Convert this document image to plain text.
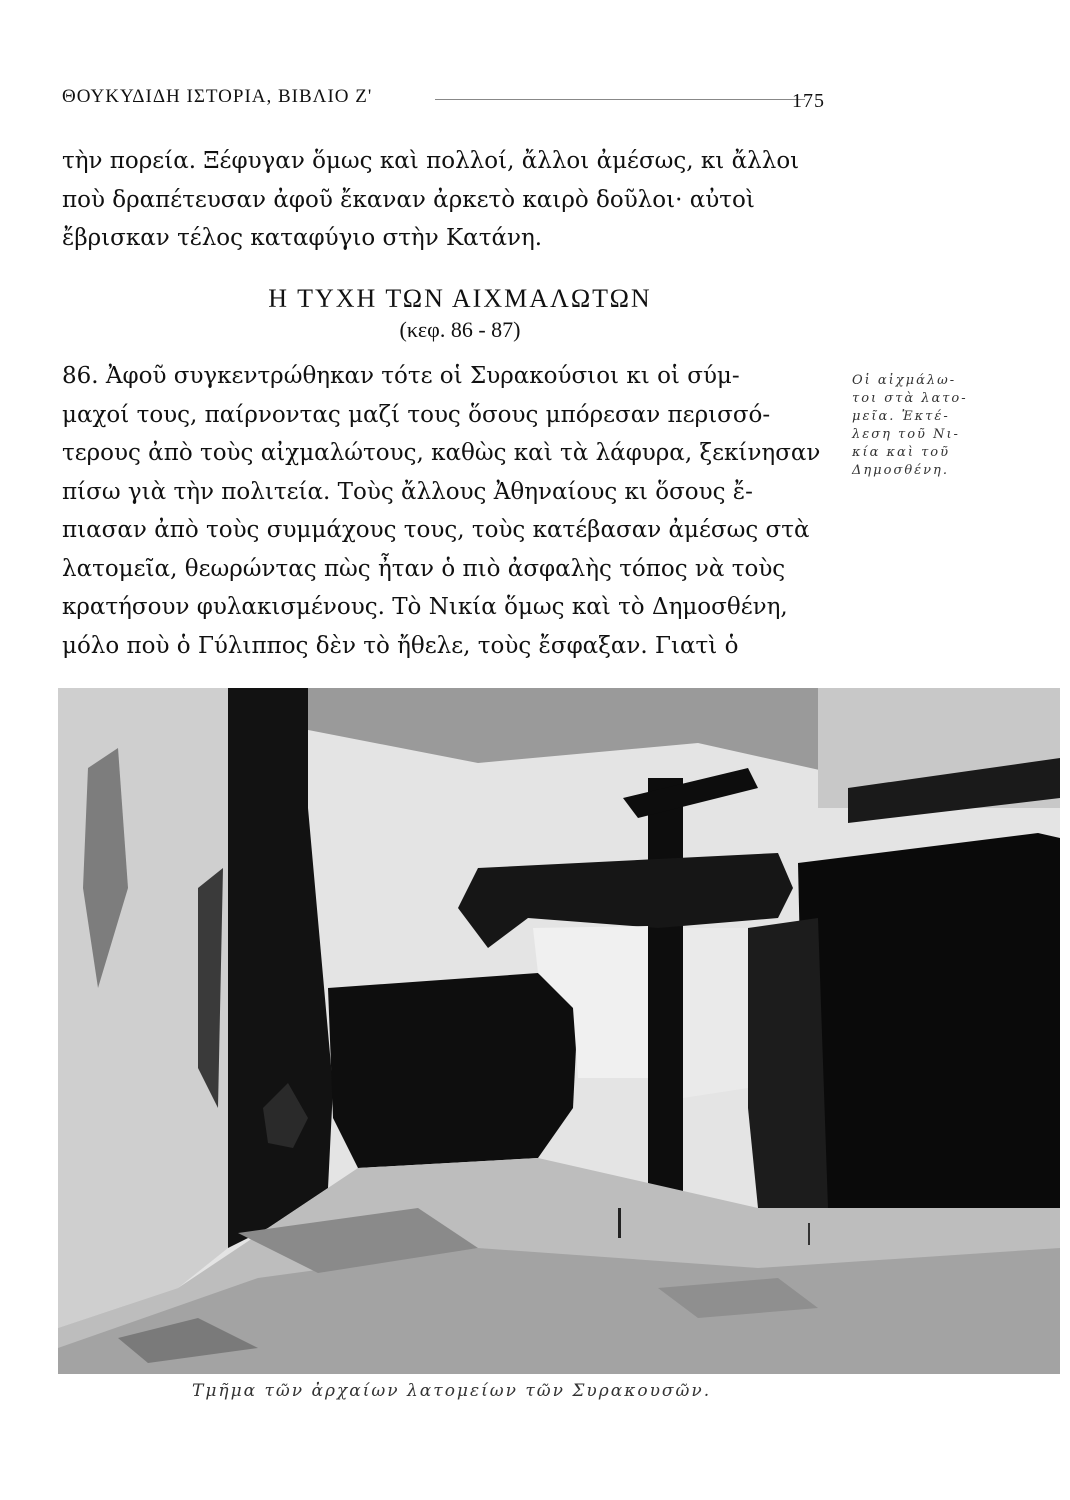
ΘΟΥΚΥΔΙΔΗ ΙΣΤΟΡΙΑ, ΒΙΒΛΙΟ Ζ'	175
τὴν πορεία. Ξέφυγαν ὅμως καὶ πολλοί, ἄλλοι ἀμέσως, κι ἄλλοι
ποὺ δραπέτευσαν ἀφοῦ ἔκαναν ἀρκετὸ καιρὸ δοῦλοι· αὐτοὶ
ἔβρισκαν τέλος καταφύγιο στὴν Κατάνη.
Η ΤΥΧΗ ΤΩΝ ΑΙΧΜΑΛΩΤΩΝ
(κεφ. 86 - 87)
86. Ἀφοῦ συγκεντρώθηκαν τότε οἱ Συρακούσιοι κι οἱ σύμ-
μαχοί τους, παίρνοντας μαζί τους ὅσους μπόρεσαν περισσό-
τερους ἀπὸ τοὺς αἰχμαλώτους, καθὼς καὶ τὰ λάφυρα, ξεκίνησαν
πίσω γιὰ τὴν πολιτεία. Τοὺς ἄλλους Ἀθηναίους κι ὅσους ἔ-
πιασαν ἀπὸ τοὺς συμμάχους τους, τοὺς κατέβασαν ἀμέσως στὰ
λατομεῖα, θεωρώντας πὼς ἦταν ὁ πιὸ ἀσφαλὴς τόπος νὰ τοὺς
κρατήσουν φυλακισμένους. Τὸ Νικία ὅμως καὶ τὸ Δημοσθένη,
μόλο ποὺ ὁ Γύλιππος δὲν τὸ ἤθελε, τοὺς ἔσφαξαν. Γιατὶ ὁ
Οἱ αἰχμάλω-
τοι στὰ λατο-
μεῖα. Ἐκτέ-
λεση τοῦ Νι-
κία καὶ τοῦ
Δημοσθένη.
Τμῆμα τῶν ἀρχαίων λατομείων τῶν Συρακουσῶν.
